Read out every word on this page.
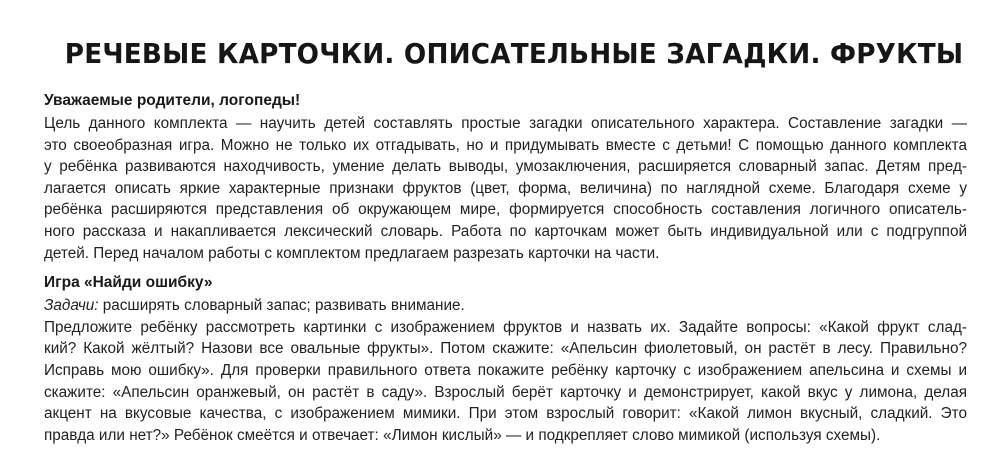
РЕЧЕВЫЕ КАРТОЧКИ. ОПИСАТЕЛЬНЫЕ ЗАГАДКИ. ФРУКТЫ

Уважаемые родители, логопеды!

Цель данного комплекта — научить детей составлять простые загадки описательного характера. Составление загадки —
это своеобразная игра. Можно не только их отгадывать, но и придумывать вместе с детьми! С помощью данного комплекта
у ребёнка развиваются находчивость, умение делать выводы, умозаключения, расширяется словарный запас. Детям пред-
лагается описать яркие характерные признаки фруктов (цвет, форма, величина) по наглядной схеме. Благодаря схеме у
ребёнка расширяются представления об окружающем мире, формируется способность составления логичного описатель-
ного рассказа и накапливается лексический словарь. Работа по карточкам может быть индивидуальной или с подгруппой
детей. Перед началом работы с комплектом предлагаем разрезать карточки на части.

Игра «Найди ошибку»

Задачи: расширять словарный запас; развивать внимание.
Предложите ребёнку рассмотреть картинки с изображением фруктов и назвать их. Задайте вопросы: «Какой фрукт слад-
кий? Какой жёлтый? Назови все овальные фрукты». Потом скажите: «Апельсин фиолетовый, он растёт в лесу. Правильно?
Исправь мою ошибку». Для проверки правильного ответа покажите ребёнку карточку с изображением апельсина и схемы и
скажите: «Апельсин оранжевый, он растёт в саду». Взрослый берёт карточку и демонстрирует, какой вкус у лимона, делая
акцент на вкусовые качества, с изображением мимики. При этом взрослый говорит: «Какой лимон вкусный, сладкий. Это
правда или нет?» Ребёнок смеётся и отвечает: «Лимон кислый» — и подкрепляет слово мимикой (используя схемы).
